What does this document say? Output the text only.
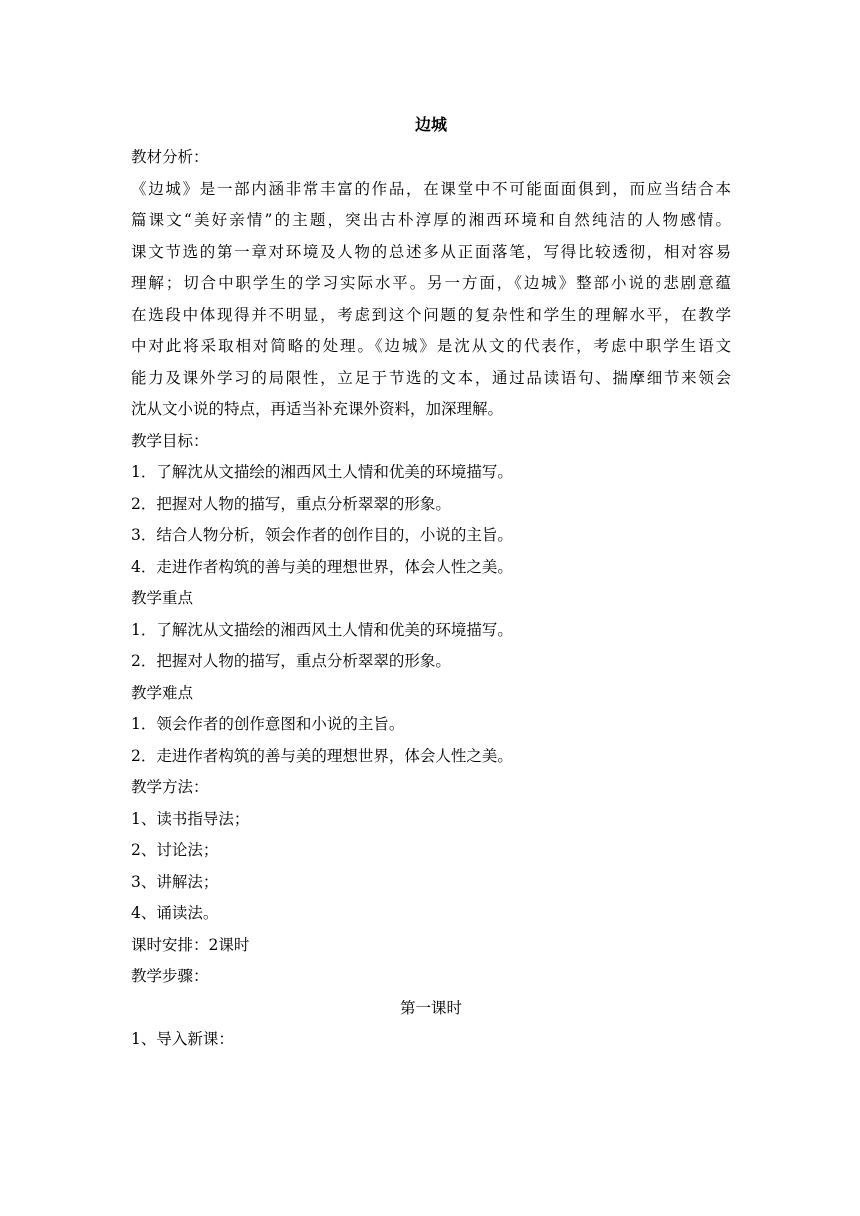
边城
教材分析：
《边城》是一部内涵非常丰富的作品，在课堂中不可能面面俱到，而应当结合本
篇课文“美好亲情”的主题，突出古朴淳厚的湘西环境和自然纯洁的人物感情。
课文节选的第一章对环境及人物的总述多从正面落笔，写得比较透彻，相对容易
理解；切合中职学生的学习实际水平。另一方面，《边城》整部小说的悲剧意蕴
在选段中体现得并不明显，考虑到这个问题的复杂性和学生的理解水平，在教学
中对此将采取相对简略的处理。《边城》是沈从文的代表作，考虑中职学生语文
能力及课外学习的局限性，立足于节选的文本，通过品读语句、揣摩细节来领会
沈从文小说的特点，再适当补充课外资料，加深理解。
教学目标：
1．了解沈从文描绘的湘西风土人情和优美的环境描写。
2．把握对人物的描写，重点分析翠翠的形象。
3．结合人物分析，领会作者的创作目的，小说的主旨。
4．走进作者构筑的善与美的理想世界，体会人性之美。
教学重点
1．了解沈从文描绘的湘西风土人情和优美的环境描写。
2．把握对人物的描写，重点分析翠翠的形象。
教学难点
1．领会作者的创作意图和小说的主旨。
2．走进作者构筑的善与美的理想世界，体会人性之美。
教学方法：
1、读书指导法；
2、讨论法；
3、讲解法；
4、诵读法。
课时安排：2课时
教学步骤：
第一课时
1、导入新课：
